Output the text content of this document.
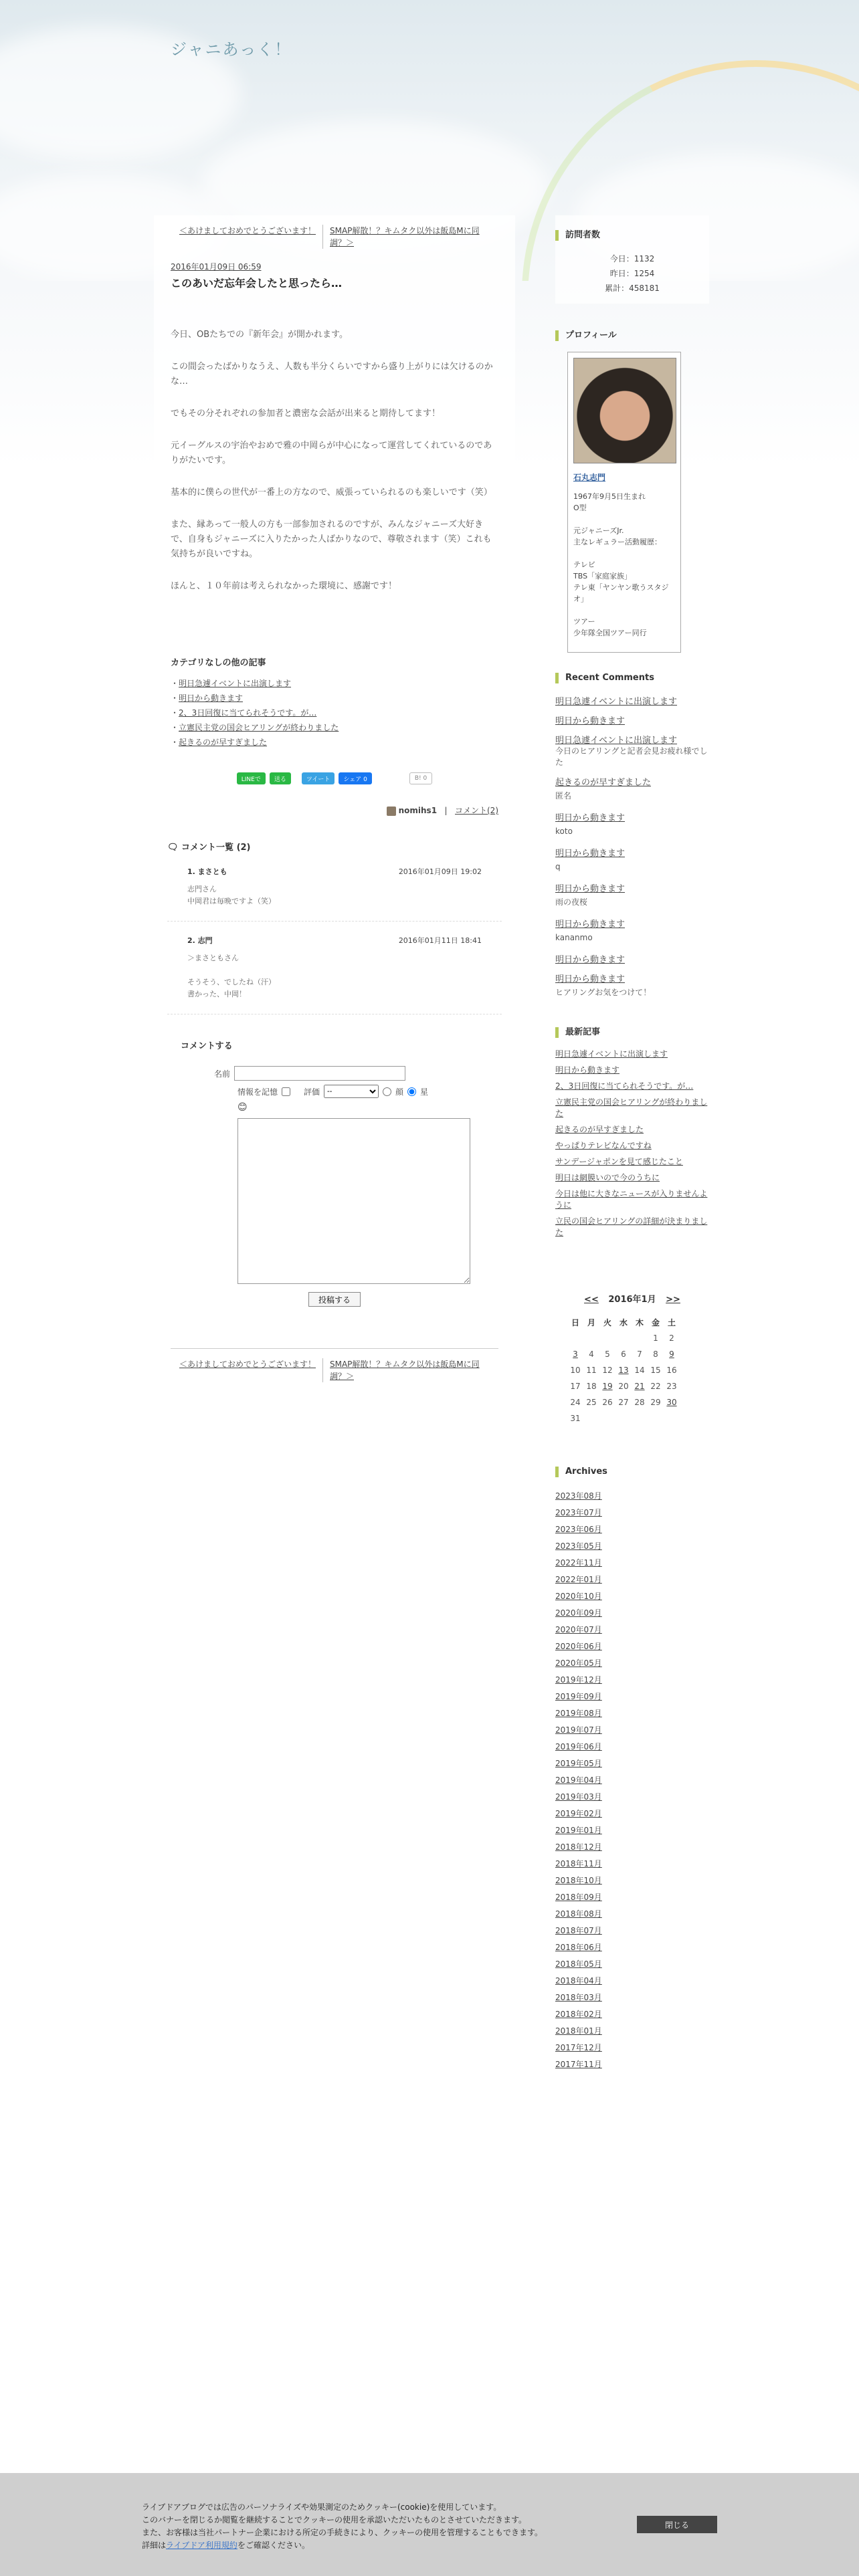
ジャニあっく！
＜あけましておめでとうございます！	SMAP解散！？キムタク以外は飯島Mに同調？＞
2016年01月09日 06:59
このあいだ忘年会したと思ったら…

今日、OBたちでの『新年会』が開かれます。

この間会ったばかりなうえ、人数も半分くらいですから盛り上がりには欠けるのかな…

でもその分それぞれの参加者と濃密な会話が出来ると期待してます！

元イーグルスの宇治やおめで雅の中岡らが中心になって運営してくれているのでありがたいです。

基本的に僕らの世代が一番上の方なので、威張っていられるのも楽しいです（笑）

また、縁あって一般人の方も一部参加されるのですが、みんなジャニーズ大好きで、自身もジャニーズに入りたかった人ばかりなので、尊敬されます（笑）これも気持ちが良いですね。

ほんと、１０年前は考えられなかった環境に、感謝です！

カテゴリなしの他の記事
・明日急遽イベントに出演します
・明日から動きます
・2、3日回復に当てられそうです。が…
・立憲民主党の国会ヒアリングが終わりました
・起きるのが早すぎました
LINEで	送る	ツイート	シェア 0	B! 0
nomihs1   |   コメント(2)
🗨 コメント一覧 (2)
1. まさとも	2016年01月09日 19:02
志門さん
中岡君は毎晩ですよ（笑）
2. 志門	2016年01月11日 18:41
＞まさともさん

そうそう、でしたね（汗）
書かった、中岡！
コメントする
名前
情報を記憶	評価
--	顔 星
😊
投稿する
＜あけましておめでとうございます！	SMAP解散！？キムタク以外は飯島Mに同調？＞
訪問者数
今日：1132
昨日：1254
累計：458181
プロフィール
石丸志門
1967年9月5日生まれ
O型

元ジャニーズJr.
主なレギュラー活動履歴：

テレビ
TBS「家庭家族」
テレ東「ヤンヤン歌うスタジオ」

ツアー
少年隊全国ツアー同行
Recent Comments
明日急遽イベントに出演します
明日から動きます
明日急遽イベントに出演します
今日のヒアリングと記者会見お疲れ様でした
起きるのが早すぎました
匿名
明日から動きます
koto
明日から動きます
q
明日から動きます
雨の夜桜
明日から動きます
kananmo
明日から動きます
明日から動きます
ヒアリングお気をつけて！
最新記事
明日急遽イベントに出演します
明日から動きます
2、3日回復に当てられそうです。が…
立憲民主党の国会ヒアリングが終わりました
起きるのが早すぎました
やっぱりテレビなんですね
サンデージャポンを見て感じたこと
明日は網膜いので今のうちに
今日は他に大きなニュースが入りませんように
立民の国会ヒアリングの詳細が決まりました
<< 2016年1月 >>
日	月	火	水	木	金	土
					1	2
3	4	5	6	7	8	9
10	11	12	13	14	15	16
17	18	19	20	21	22	23
24	25	26	27	28	29	30
31						
Archives
2023年08月
2023年07月
2023年06月
2023年05月
2022年11月
2022年01月
2020年10月
2020年09月
2020年07月
2020年06月
2020年05月
2019年12月
2019年09月
2019年08月
2019年07月
2019年06月
2019年05月
2019年04月
2019年03月
2019年02月
2019年01月
2018年12月
2018年11月
2018年10月
2018年09月
2018年08月
2018年07月
2018年06月
2018年05月
2018年04月
2018年03月
2018年02月
2018年01月
2017年12月
2017年11月
ライブドアブログでは広告のパーソナライズや効果測定のためクッキー(cookie)を使用しています。
このバナーを閉じるか閲覧を継続することでクッキーの使用を承認いただいたものとさせていただきます。
また、お客様は当社パートナー企業における所定の手続きにより、クッキーの使用を管理することもできます。
詳細はライブドア利用規約をご確認ください。
閉じる
